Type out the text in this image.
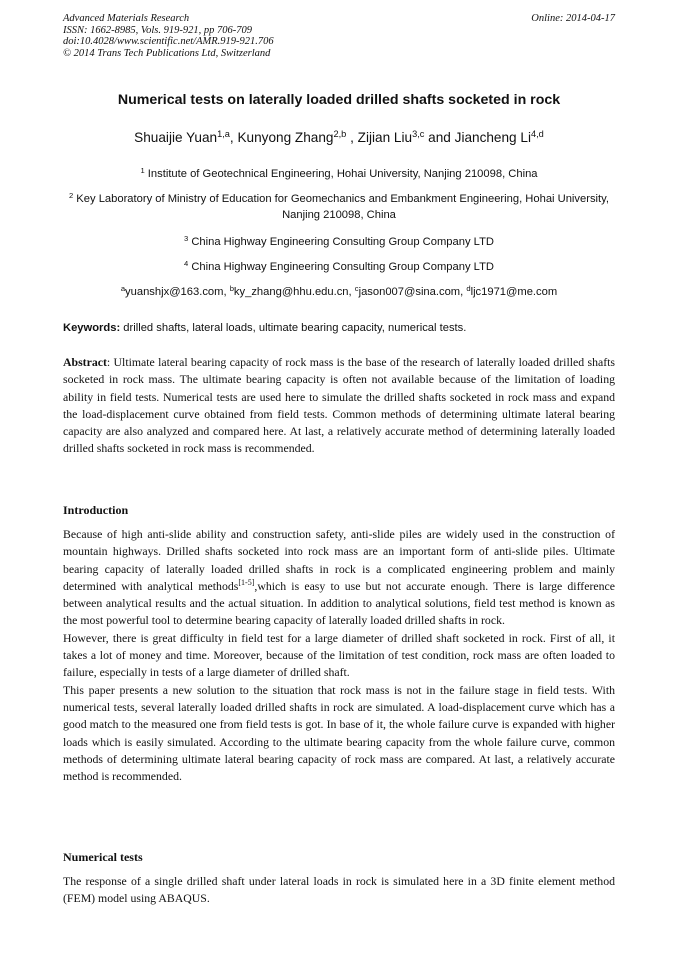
Advanced Materials Research
ISSN: 1662-8985, Vols. 919-921, pp 706-709
doi:10.4028/www.scientific.net/AMR.919-921.706
© 2014 Trans Tech Publications Ltd, Switzerland
Online: 2014-04-17
Numerical tests on laterally loaded drilled shafts socketed in rock
Shuaijie Yuan$^{1,a}$, Kunyong Zhang$^{2,b}$ , Zijian Liu$^{3,c}$ and Jiancheng Li$^{4,d}$
$^1$ Institute of Geotechnical Engineering, Hohai University, Nanjing 210098, China
$^2$ Key Laboratory of Ministry of Education for Geomechanics and Embankment Engineering, Hohai University, Nanjing 210098, China
$^3$ China Highway Engineering Consulting Group Company LTD
$^4$ China Highway Engineering Consulting Group Company LTD
$^a$yuanshjx@163.com, $^b$ky_zhang@hhu.edu.cn, $^c$jason007@sina.com, $^d$ljc1971@me.com
Keywords: drilled shafts, lateral loads, ultimate bearing capacity, numerical tests.

Abstract: Ultimate lateral bearing capacity of rock mass is the base of the research of laterally loaded drilled shafts socketed in rock mass. The ultimate bearing capacity is often not available because of the limitation of loading ability in field tests. Numerical tests are used here to simulate the drilled shafts socketed in rock mass and expand the load-displacement curve obtained from field tests. Common methods of determining ultimate lateral bearing capacity are also analyzed and compared here. At last, a relatively accurate method of determining laterally loaded drilled shafts socketed in rock mass is recommended.

Introduction

Because of high anti-slide ability and construction safety, anti-slide piles are widely used in the construction of mountain highways. Drilled shafts socketed into rock mass are an important form of anti-slide piles. Ultimate bearing capacity of laterally loaded drilled shafts in rock is a complicated engineering problem and mainly determined with analytical methods[1-5],which is easy to use but not accurate enough. There is large difference between analytical results and the actual situation. In addition to analytical solutions, field test method is known as the most powerful tool to determine bearing capacity of laterally loaded drilled shafts in rock.

However, there is great difficulty in field test for a large diameter of drilled shaft socketed in rock. First of all, it takes a lot of money and time. Moreover, because of the limitation of test condition, rock mass are often loaded to failure, especially in tests of a large diameter of drilled shaft.

This paper presents a new solution to the situation that rock mass is not in the failure stage in field tests. With numerical tests, several laterally loaded drilled shafts in rock are simulated. A load-displacement curve which has a good match to the measured one from field tests is got. In base of it, the whole failure curve is expanded with higher loads which is easily simulated. According to the ultimate bearing capacity from the whole failure curve, common methods of determining ultimate lateral bearing capacity of rock mass are compared. At last, a relatively accurate method is recommended.

Numerical tests

The response of a single drilled shaft under lateral loads in rock is simulated here in a 3D finite element method (FEM) model using ABAQUS.
